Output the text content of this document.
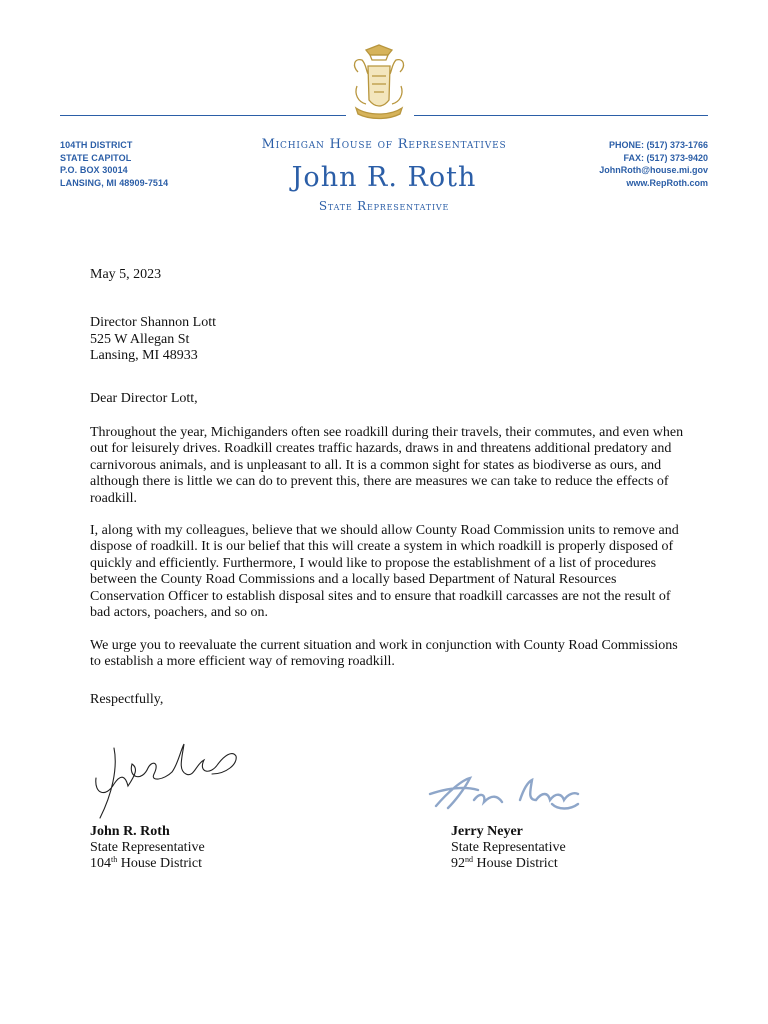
104TH DISTRICT
STATE CAPITOL
P.O. BOX 30014
LANSING, MI 48909-7514
Michigan House of Representatives
John R. Roth
State Representative
PHONE: (517) 373-1766
FAX: (517) 373-9420
JohnRoth@house.mi.gov
www.RepRoth.com

May 5, 2023

Director Shannon Lott

525 W Allegan St

Lansing, MI 48933

Dear Director Lott,

Throughout the year, Michiganders often see roadkill during their travels, their commutes, and even when out for leisurely drives. Roadkill creates traffic hazards, draws in and threatens additional predatory and carnivorous animals, and is unpleasant to all. It is a common sight for states as biodiverse as ours, and although there is little we can do to prevent this, there are measures we can take to reduce the effects of roadkill.

I, along with my colleagues, believe that we should allow County Road Commission units to remove and dispose of roadkill. It is our belief that this will create a system in which roadkill is properly disposed of quickly and efficiently. Furthermore, I would like to propose the establishment of a list of procedures between the County Road Commissions and a locally based Department of Natural Resources Conservation Officer to establish disposal sites and to ensure that roadkill carcasses are not the result of bad actors, poachers, and so on.

We urge you to reevaluate the current situation and work in conjunction with County Road Commissions to establish a more efficient way of removing roadkill.

Respectfully,

John R. Roth
State Representative
104th House District
Jerry Neyer
State Representative
92nd House District
